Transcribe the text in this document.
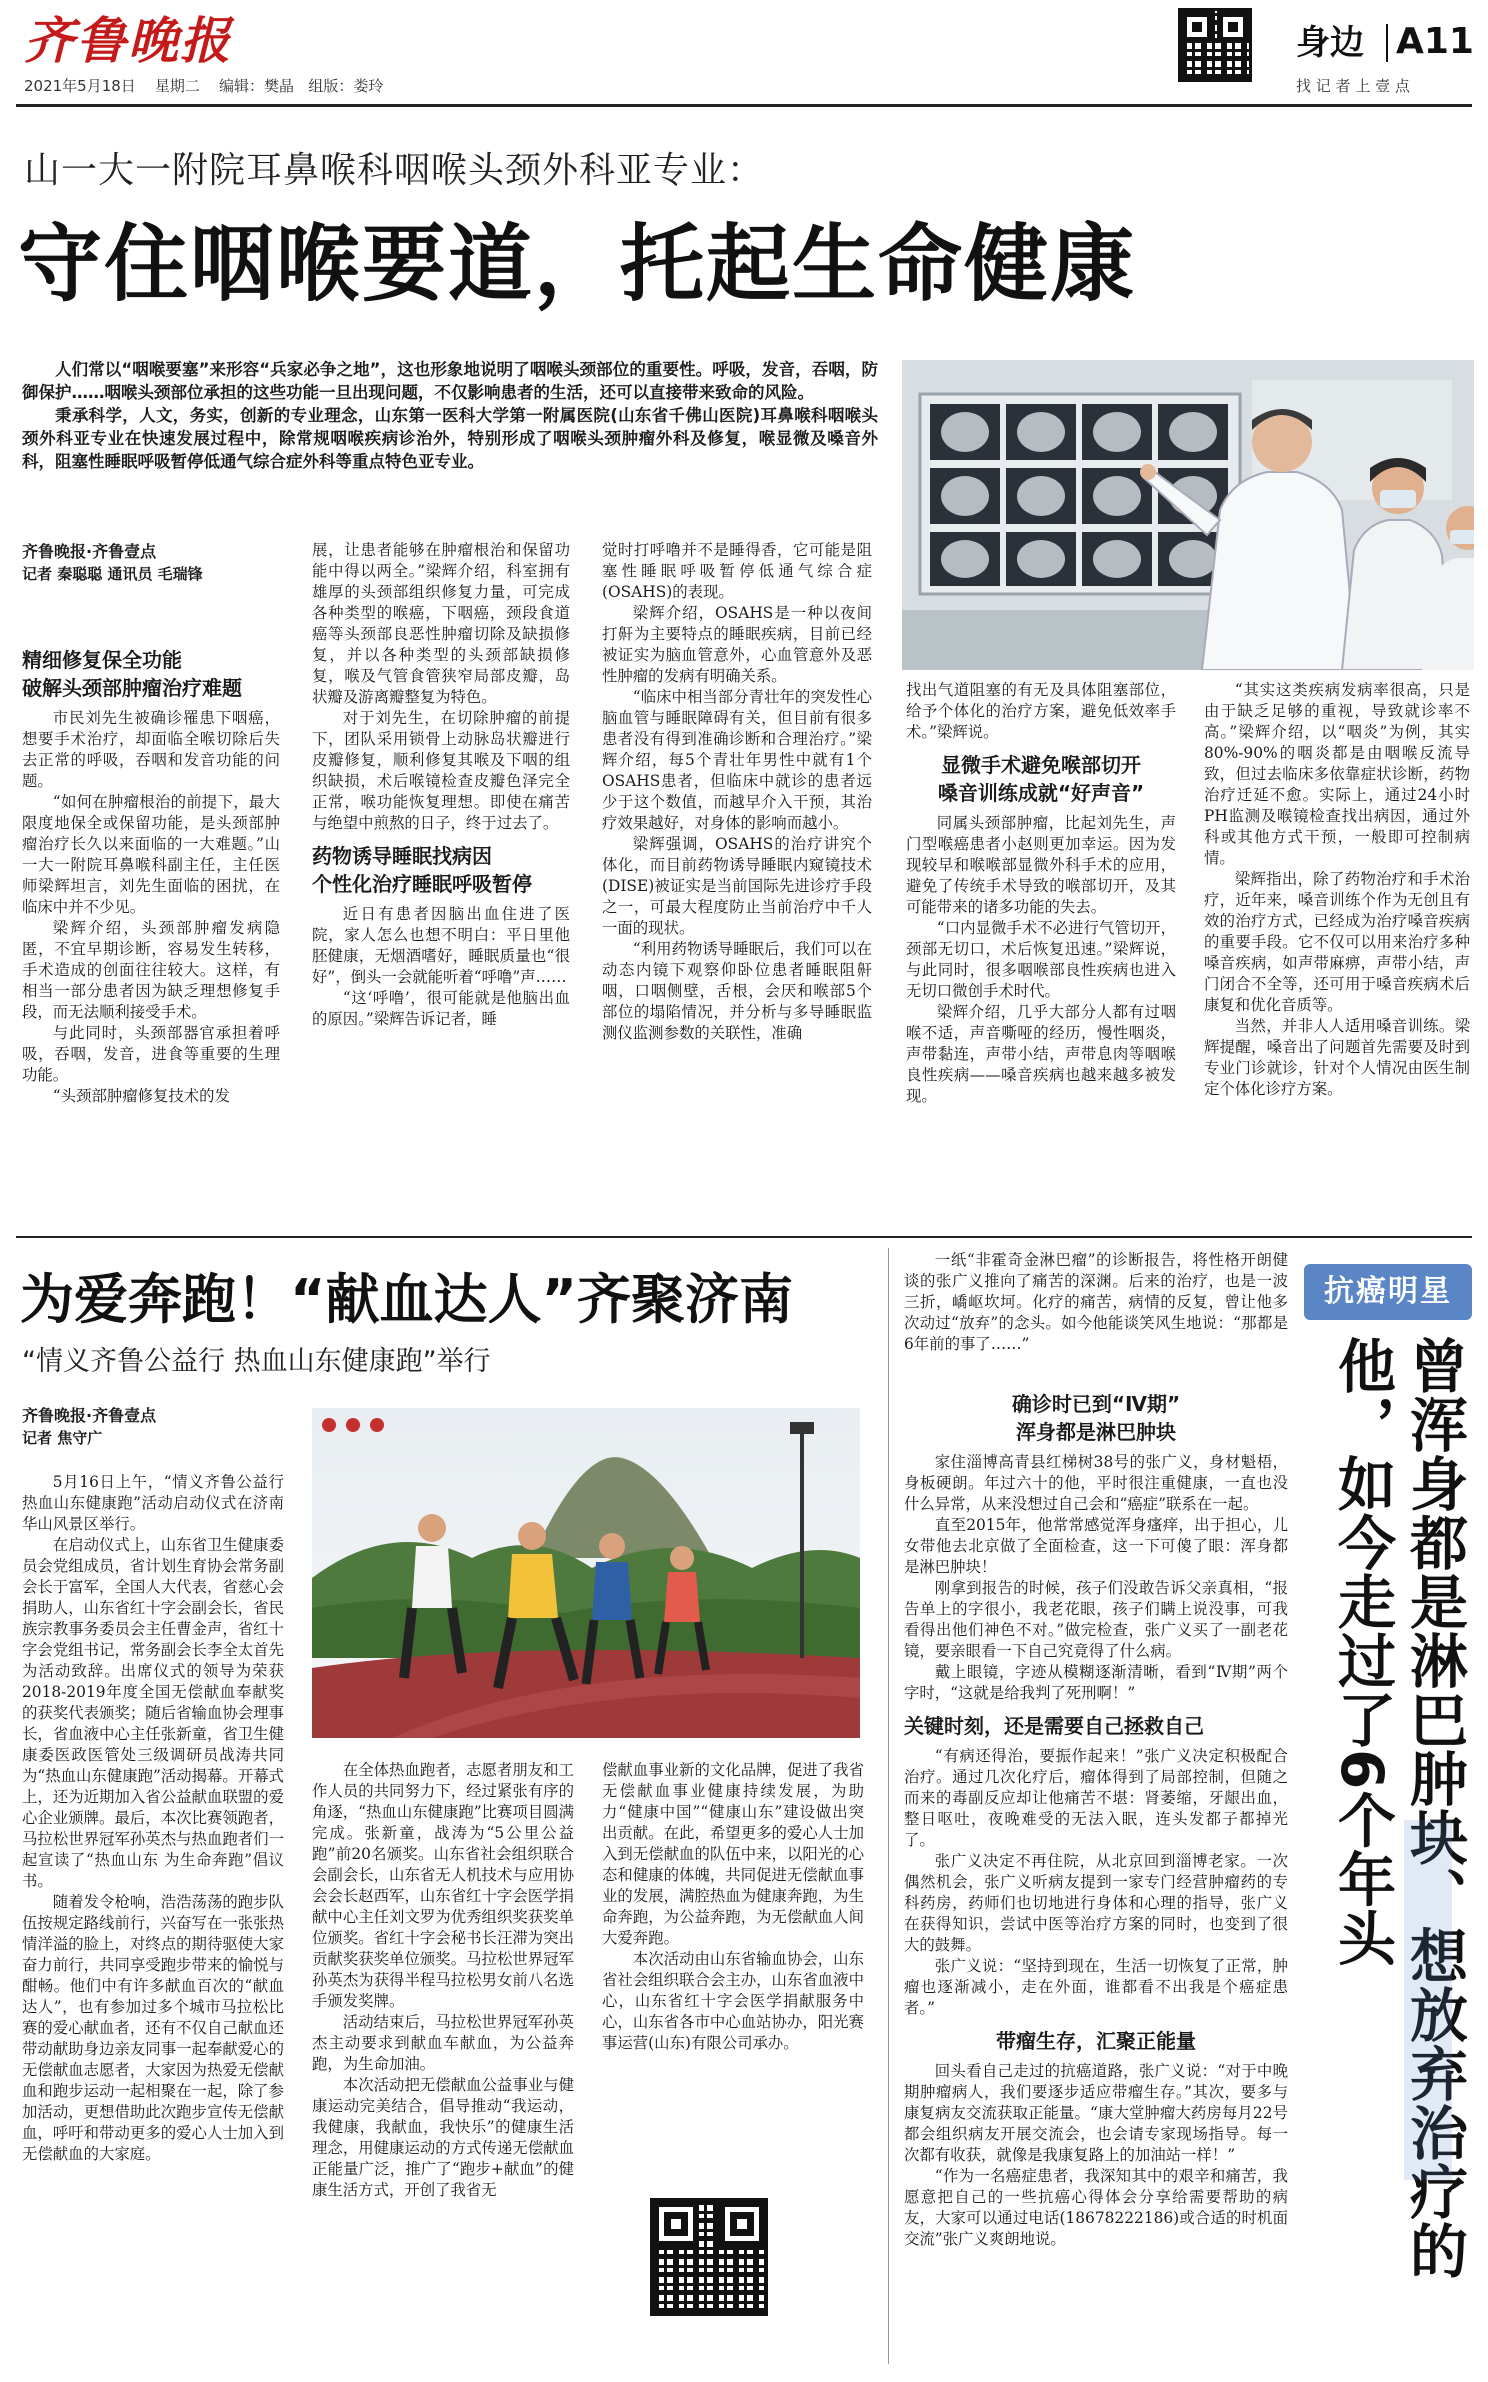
齐鲁晚报
2021年5月18日 星期二 编辑：樊晶 组版：娄玲
身边 A11
找 记 者 上 壹 点
山一大一附院耳鼻喉科咽喉头颈外科亚专业：
守住咽喉要道，托起生命健康

人们常以“咽喉要塞”来形容“兵家必争之地”，这也形象地说明了咽喉头颈部位的重要性。呼吸，发音，吞咽，防御保护……咽喉头颈部位承担的这些功能一旦出现问题，不仅影响患者的生活，还可以直接带来致命的风险。

秉承科学，人文，务实，创新的专业理念，山东第一医科大学第一附属医院(山东省千佛山医院)耳鼻喉科咽喉头颈外科亚专业在快速发展过程中，除常规咽喉疾病诊治外，特别形成了咽喉头颈肿瘤外科及修复，喉显微及嗓音外科，阻塞性睡眠呼吸暂停低通气综合症外科等重点特色亚专业。

齐鲁晚报·齐鲁壹点
记者 秦聪聪 通讯员 毛瑞锋
精细修复保全功能
破解头颈部肿瘤治疗难题

市民刘先生被确诊罹患下咽癌，想要手术治疗，却面临全喉切除后失去正常的呼吸，吞咽和发音功能的问题。

“如何在肿瘤根治的前提下，最大限度地保全或保留功能，是头颈部肿瘤治疗长久以来面临的一大难题。”山一大一附院耳鼻喉科副主任，主任医师梁辉坦言，刘先生面临的困扰，在临床中并不少见。

梁辉介绍，头颈部肿瘤发病隐匿，不宜早期诊断，容易发生转移，手术造成的创面往往较大。这样，有相当一部分患者因为缺乏理想修复手段，而无法顺利接受手术。

与此同时，头颈部器官承担着呼吸，吞咽，发音，进食等重要的生理功能。

“头颈部肿瘤修复技术的发

展，让患者能够在肿瘤根治和保留功能中得以两全。”梁辉介绍，科室拥有雄厚的头颈部组织修复力量，可完成各种类型的喉癌，下咽癌，颈段食道癌等头颈部良恶性肿瘤切除及缺损修复，并以各种类型的头颈部缺损修复，喉及气管食管狭窄局部皮瓣，岛状瓣及游离瓣整复为特色。

对于刘先生，在切除肿瘤的前提下，团队采用锁骨上动脉岛状瓣进行皮瓣修复，顺利修复其喉及下咽的组织缺损，术后喉镜检查皮瓣色泽完全正常，喉功能恢复理想。即使在痛苦与绝望中煎熬的日子，终于过去了。

药物诱导睡眠找病因
个性化治疗睡眠呼吸暂停

近日有患者因脑出血住进了医院，家人怎么也想不明白：平日里他胚健康，无烟酒嗜好，睡眠质量也“很好”，倒头一会就能听着“呼噜”声……

“这‘呼噜’，很可能就是他脑出血的原因。”梁辉告诉记者，睡

觉时打呼噜并不是睡得香，它可能是阻塞性睡眠呼吸暂停低通气综合症(OSAHS)的表现。

梁辉介绍，OSAHS是一种以夜间打鼾为主要特点的睡眠疾病，目前已经被证实为脑血管意外，心血管意外及恶性肿瘤的发病有明确关系。

“临床中相当部分青壮年的突发性心脑血管与睡眠障碍有关，但目前有很多患者没有得到准确诊断和合理治疗。”梁辉介绍，每5个青壮年男性中就有1个OSAHS患者，但临床中就诊的患者远少于这个数值，而越早介入干预，其治疗效果越好，对身体的影响而越小。

梁辉强调，OSAHS的治疗讲究个体化，而目前药物诱导睡眠内窥镜技术(DISE)被证实是当前国际先进诊疗手段之一，可最大程度防止当前治疗中千人一面的现状。

“利用药物诱导睡眠后，我们可以在动态内镜下观察仰卧位患者睡眠阻鼾咽，口咽侧壁，舌根，会厌和喉部5个部位的塌陷情况，并分析与多导睡眠监测仪监测参数的关联性，准确

找出气道阻塞的有无及具体阻塞部位，给予个体化的治疗方案，避免低效率手术。”梁辉说。

显微手术避免喉部切开
嗓音训练成就“好声音”

同属头颈部肿瘤，比起刘先生，声门型喉癌患者小赵则更加幸运。因为发现较早和喉喉部显微外科手术的应用，避免了传统手术导致的喉部切开，及其可能带来的诸多功能的失去。

“口内显微手术不必进行气管切开，颈部无切口，术后恢复迅速。”梁辉说，与此同时，很多咽喉部良性疾病也进入无切口微创手术时代。

梁辉介绍，几乎大部分人都有过咽喉不适，声音嘶哑的经历，慢性咽炎，声带黏连，声带小结，声带息肉等咽喉良性疾病——嗓音疾病也越来越多被发现。

“其实这类疾病发病率很高，只是由于缺乏足够的重视，导致就诊率不高。”梁辉介绍，以“咽炎”为例，其实80%-90%的咽炎都是由咽喉反流导致，但过去临床多依靠症状诊断，药物治疗迁延不愈。实际上，通过24小时PH监测及喉镜检查找出病因，通过外科或其他方式干预，一般即可控制病情。

梁辉指出，除了药物治疗和手术治疗，近年来，嗓音训练个作为无创且有效的治疗方式，已经成为治疗嗓音疾病的重要手段。它不仅可以用来治疗多种嗓音疾病，如声带麻痹，声带小结，声门闭合不全等，还可用于嗓音疾病术后康复和优化音质等。

当然，并非人人适用嗓音训练。梁辉提醒，嗓音出了问题首先需要及时到专业门诊就诊，针对个人情况由医生制定个体化诊疗方案。

为爱奔跑！“献血达人”齐聚济南
“情义齐鲁公益行 热血山东健康跑”举行
齐鲁晚报·齐鲁壹点
记者 焦守广

5月16日上午，“情义齐鲁公益行 热血山东健康跑”活动启动仪式在济南华山风景区举行。

在启动仪式上，山东省卫生健康委员会党组成员，省计划生育协会常务副会长于富军，全国人大代表，省慈心会捐助人，山东省红十字会副会长，省民族宗教事务委员会主任曹金声，省红十字会党组书记，常务副会长李全太首先为活动致辞。出席仪式的领导为荣获2018-2019年度全国无偿献血奉献奖的获奖代表颁奖；随后省输血协会理事长，省血液中心主任张新童，省卫生健康委医政医管处三级调研员战涛共同为“热血山东健康跑”活动揭幕。开幕式上，还为近期加入省公益献血联盟的爱心企业颁牌。最后，本次比赛领跑者，马拉松世界冠军孙英杰与热血跑者们一起宣读了“热血山东 为生命奔跑”倡议书。

随着发令枪响，浩浩荡荡的跑步队伍按规定路线前行，兴奋写在一张张热情洋溢的脸上，对终点的期待驱使大家奋力前行，共同享受跑步带来的愉悦与酣畅。他们中有许多献血百次的“献血达人”，也有参加过多个城市马拉松比赛的爱心献血者，还有不仅自己献血还带动献助身边亲友同事一起奉献爱心的无偿献血志愿者，大家因为热爱无偿献血和跑步运动一起相聚在一起，除了参加活动，更想借助此次跑步宣传无偿献血，呼吁和带动更多的爱心人士加入到无偿献血的大家庭。

在全体热血跑者，志愿者朋友和工作人员的共同努力下，经过紧张有序的角逐，“热血山东健康跑”比赛项目圆满完成。张新童，战涛为“5公里公益跑”前20名颁奖。山东省社会组织联合会副会长，山东省无人机技术与应用协会会长赵西军，山东省红十字会医学捐献中心主任刘文罗为优秀组织奖获奖单位颁奖。省红十字会秘书长汪滞为突出贡献奖获奖单位颁奖。马拉松世界冠军孙英杰为获得半程马拉松男女前八名选手颁发奖牌。

活动结束后，马拉松世界冠军孙英杰主动要求到献血车献血，为公益奔跑，为生命加油。

本次活动把无偿献血公益事业与健康运动完美结合，倡导推动“我运动，我健康，我献血，我快乐”的健康生活理念，用健康运动的方式传递无偿献血正能量广泛，推广了“跑步+献血”的健康生活方式，开创了我省无

偿献血事业新的文化品牌，促进了我省无偿献血事业健康持续发展，为助力“健康中国”“健康山东”建设做出突出贡献。在此，希望更多的爱心人士加入到无偿献血的队伍中来，以阳光的心态和健康的体魄，共同促进无偿献血事业的发展，满腔热血为健康奔跑，为生命奔跑，为公益奔跑，为无偿献血人间大爱奔跑。

本次活动由山东省输血协会，山东省社会组织联合会主办，山东省血液中心，山东省红十字会医学捐献服务中心，山东省各市中心血站协办，阳光赛事运营(山东)有限公司承办。

一纸“非霍奇金淋巴瘤”的诊断报告，将性格开朗健谈的张广义推向了痛苦的深渊。后来的治疗，也是一波三折，嶠岖坎坷。化疗的痛苦，病情的反复，曾让他多次动过“放弃”的念头。如今他能谈笑风生地说：“那都是6年前的事了……”

抗癌明星
曾浑身都是淋巴肿块、想放弃治疗的他，如今走过了6个年头
确诊时已到“Ⅳ期”
浑身都是淋巴肿块

家住淄博高青县红梯树38号的张广义，身材魁梧，身板硬朗。年过六十的他，平时很注重健康，一直也没什么异常，从来没想过自己会和“癌症”联系在一起。

直至2015年，他常常感觉浑身瘙痒，出于担心，儿女带他去北京做了全面检查，这一下可傻了眼：浑身都是淋巴肿块！

刚拿到报告的时候，孩子们没敢告诉父亲真相，“报告单上的字很小，我老花眼，孩子们瞒上说没事，可我看得出他们神色不对。”做完检查，张广义买了一副老花镜，要亲眼看一下自己究竟得了什么病。

戴上眼镜，字迹从模糊逐渐清晰，看到“Ⅳ期”两个字时，“这就是给我判了死刑啊！”

关键时刻，还是需要自己拯救自己

“有病还得治，要振作起来！”张广义决定积极配合治疗。通过几次化疗后，瘤体得到了局部控制，但随之而来的毒副反应却让他痛苦不堪：肾萎缩，牙龈出血，整日呕吐，夜晚难受的无法入眠，连头发都子都掉光了。

张广义决定不再住院，从北京回到淄博老家。一次偶然机会，张广义听病友提到一家专门经营肿瘤药的专科药房，药师们也切地进行身体和心理的指导，张广义在获得知识，尝试中医等治疗方案的同时，也变到了很大的鼓舞。

张广义说：“坚持到现在，生活一切恢复了正常，肿瘤也逐渐减小，走在外面，谁都看不出我是个癌症患者。”

带瘤生存，汇聚正能量

回头看自己走过的抗癌道路，张广义说：“对于中晚期肿瘤病人，我们要逐步适应带瘤生存。”其次，要多与康复病友交流获取正能量。“康大堂肿瘤大药房每月22号都会组织病友开展交流会，也会请专家现场指导。每一次都有收获，就像是我康复路上的加油站一样！”

“作为一名癌症患者，我深知其中的艰辛和痛苦，我愿意把自己的一些抗癌心得体会分享给需要帮助的病友，大家可以通过电话(18678222186)或合适的时机面交流”张广义爽朗地说。
